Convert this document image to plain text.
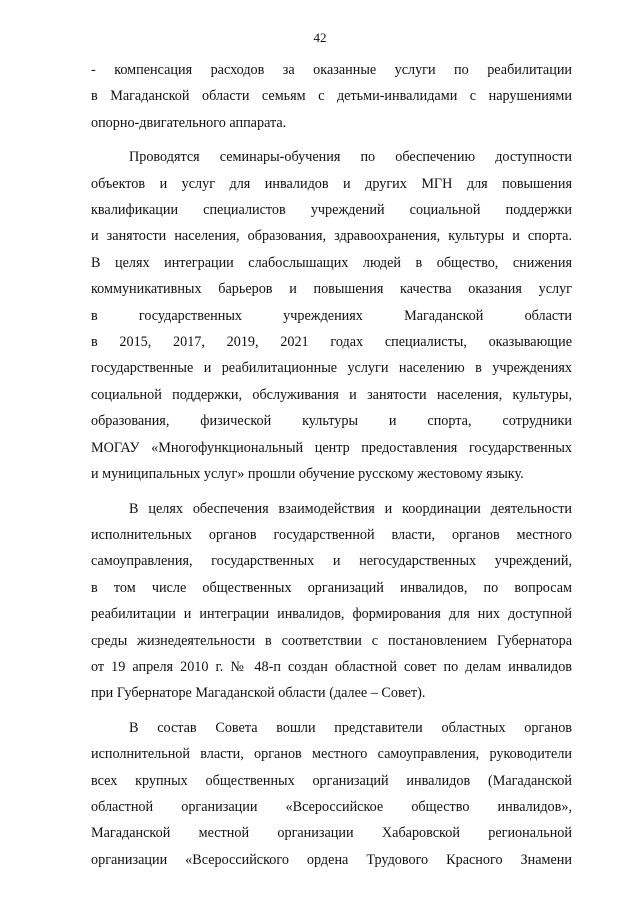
42

- компенсация расходов за оказанные услуги по реабилитации
в Магаданской области семьям с детьми-инвалидами с нарушениями
опорно-двигательного аппарата.

Проводятся семинары-обучения по обеспечению доступности
объектов и услуг для инвалидов и других МГН для повышения
квалификации специалистов учреждений социальной поддержки
и занятости населения, образования, здравоохранения, культуры и спорта.
В целях интеграции слабослышащих людей в общество, снижения
коммуникативных барьеров и повышения качества оказания услуг
в государственных учреждениях Магаданской области
в 2015, 2017, 2019, 2021 годах специалисты, оказывающие
государственные и реабилитационные услуги населению в учреждениях
социальной поддержки, обслуживания и занятости населения, культуры,
образования, физической культуры и спорта, сотрудники
МОГАУ «Многофункциональный центр предоставления государственных
и муниципальных услуг» прошли обучение русскому жестовому языку.

В целях обеспечения взаимодействия и координации деятельности
исполнительных органов государственной власти, органов местного
самоуправления, государственных и негосударственных учреждений,
в том числе общественных организаций инвалидов, по вопросам
реабилитации и интеграции инвалидов, формирования для них доступной
среды жизнедеятельности в соответствии с постановлением Губернатора
от 19 апреля 2010 г. № 48-п создан областной совет по делам инвалидов
при Губернаторе Магаданской области (далее – Совет).

В состав Совета вошли представители областных органов
исполнительной власти, органов местного самоуправления, руководители
всех крупных общественных организаций инвалидов (Магаданской
областной организации «Всероссийское общество инвалидов»,
Магаданской местной организации Хабаровской региональной
организации «Всероссийского ордена Трудового Красного Знамени
